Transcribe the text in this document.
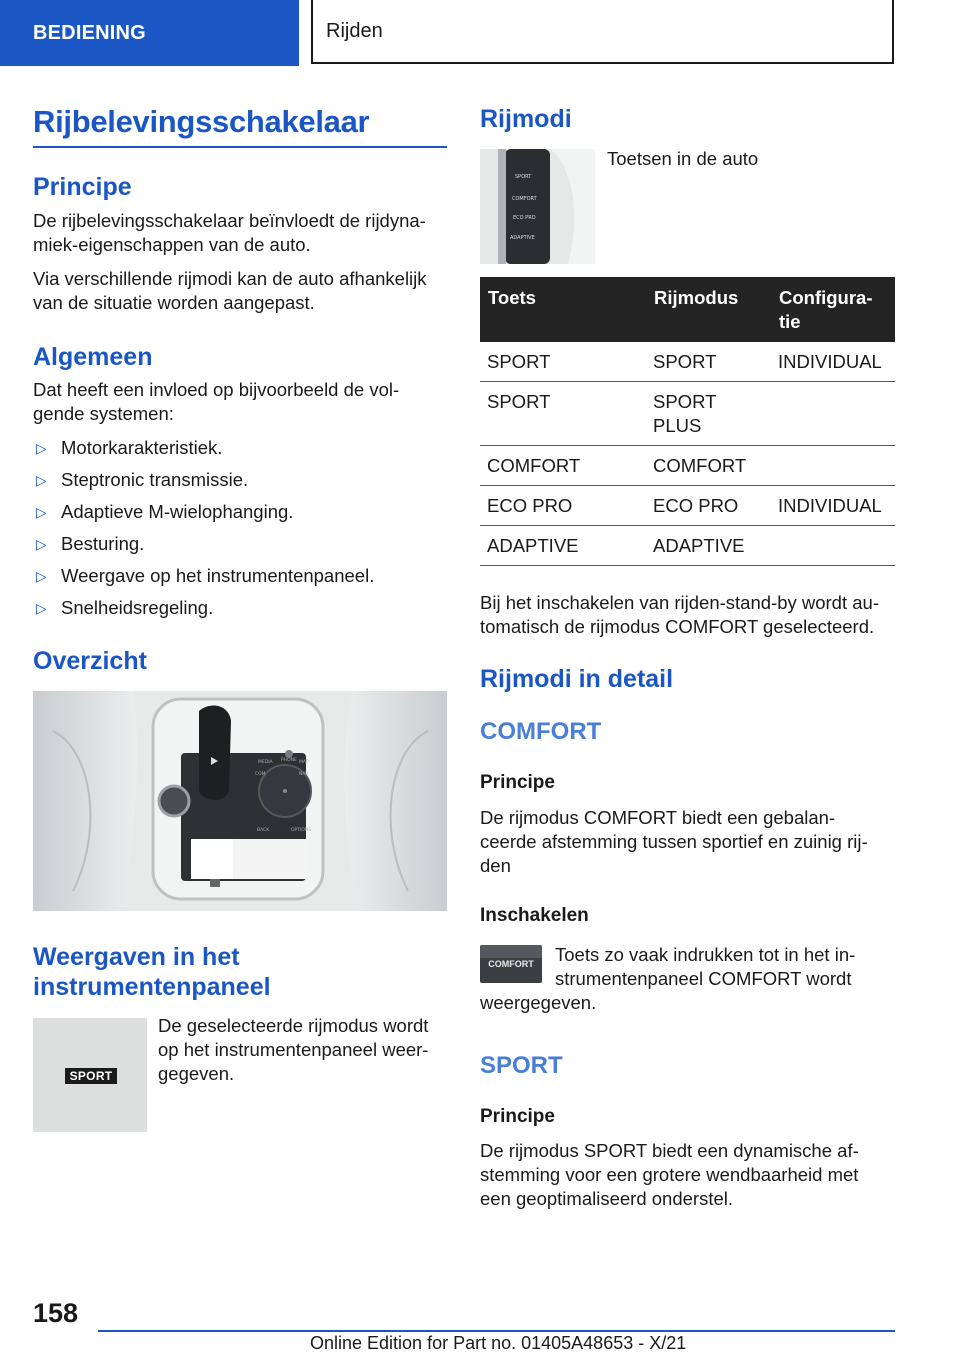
BEDIENING	Rijden
Rijbelevingsschakelaar
Principe
De rijbelevingsschakelaar beïnvloedt de rijdyna-
miek-eigenschappen van de auto.
Via verschillende rijmodi kan de auto afhankelijk
van de situatie worden aangepast.
Algemeen
Dat heeft een invloed op bijvoorbeeld de vol-
gende systemen:
▷ Motorkarakteristiek.
▷ Steptronic transmissie.
▷ Adaptieve M-wielophanging.
▷ Besturing.
▷ Weergave op het instrumentenpaneel.
▷ Snelheidsregeling.
Overzicht
MEDIA PHONE MAP
COM	NAV
BACK	OPTIONS
Weergaven in het
instrumentenpaneel
SPORT
De geselecteerde rijmodus wordt
op het instrumentenpaneel weer-
gegeven.
Rijmodi
SPORT
COMFORT
ECO PRO
ADAPTIVE
Toetsen in de auto
Toets	Rijmodus	Configura-
tie

SPORT	SPORT	INDIVIDUAL
SPORT	SPORT
PLUS	

COMFORT	COMFORT	
ECO PRO	ECO PRO	INDIVIDUAL
ADAPTIVE	ADAPTIVE	
Bij het inschakelen van rijden-stand-by wordt au-
tomatisch de rijmodus COMFORT geselecteerd.
Rijmodi in detail
COMFORT
Principe
De rijmodus COMFORT biedt een gebalan-
ceerde afstemming tussen sportief en zuinig rij-
den
Inschakelen
COMFORT	Toets zo vaak indrukken tot in het in-
strumentenpaneel COMFORT wordt
weergegeven.
SPORT
Principe
De rijmodus SPORT biedt een dynamische af-
stemming voor een grotere wendbaarheid met
een geoptimaliseerd onderstel.
158
Online Edition for Part no. 01405A48653 - X/21
